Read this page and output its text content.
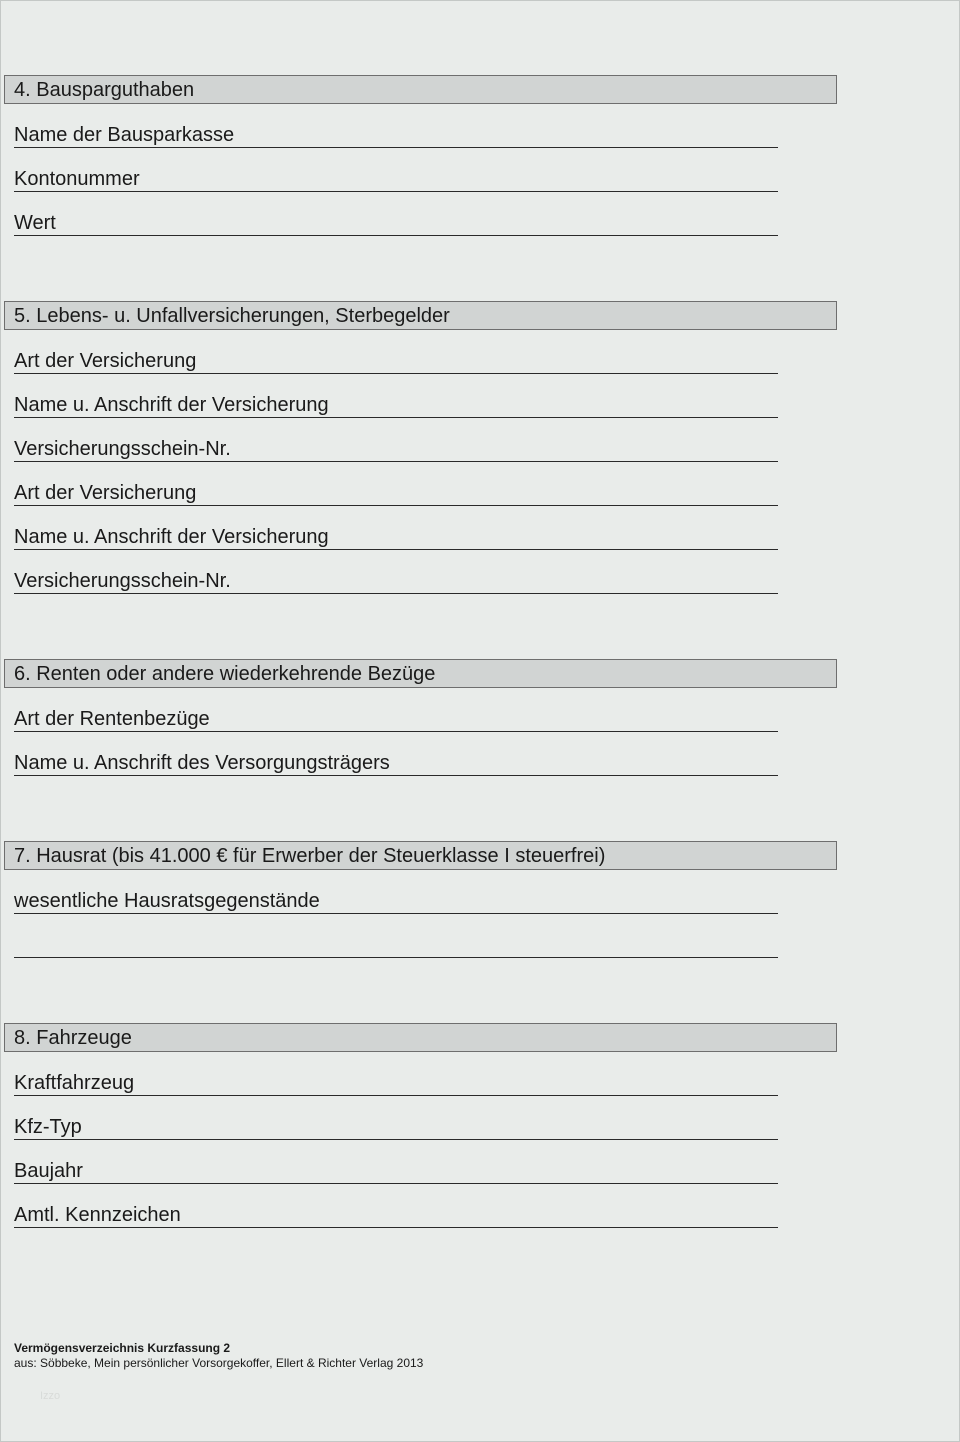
4. Bausparguthaben
Name der Bausparkasse
Kontonummer
Wert
5. Lebens- u. Unfallversicherungen, Sterbegelder
Art der Versicherung
Name u. Anschrift der Versicherung
Versicherungsschein-Nr.
Art der Versicherung
Name u. Anschrift der Versicherung
Versicherungsschein-Nr.
6. Renten oder andere wiederkehrende Bezüge
Art der Rentenbezüge
Name u. Anschrift des Versorgungsträgers
7. Hausrat (bis 41.000 € für Erwerber der Steuerklasse I steuerfrei)
wesentliche Hausratsgegenstände
8. Fahrzeuge
Kraftfahrzeug
Kfz-Typ
Baujahr
Amtl. Kennzeichen
Vermögensverzeichnis Kurzfassung 2
aus: Söbbeke, Mein persönlicher Vorsorgekoffer, Ellert & Richter Verlag 2013
Izzo
